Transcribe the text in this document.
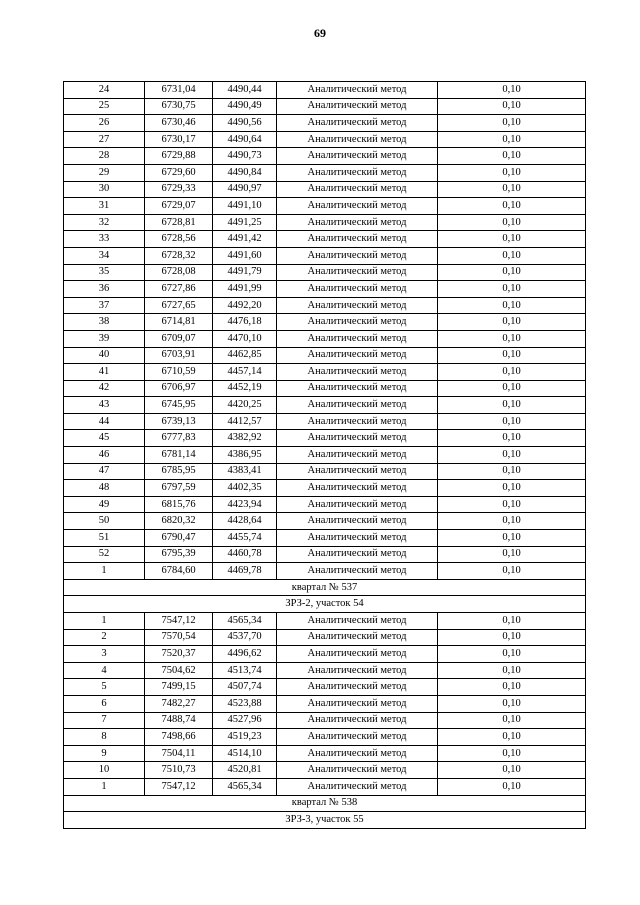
69
24	6731,04	4490,44	Аналитический метод	0,10
25	6730,75	4490,49	Аналитический метод	0,10
26	6730,46	4490,56	Аналитический метод	0,10
27	6730,17	4490,64	Аналитический метод	0,10
28	6729,88	4490,73	Аналитический метод	0,10
29	6729,60	4490,84	Аналитический метод	0,10
30	6729,33	4490,97	Аналитический метод	0,10
31	6729,07	4491,10	Аналитический метод	0,10
32	6728,81	4491,25	Аналитический метод	0,10
33	6728,56	4491,42	Аналитический метод	0,10
34	6728,32	4491,60	Аналитический метод	0,10
35	6728,08	4491,79	Аналитический метод	0,10
36	6727,86	4491,99	Аналитический метод	0,10
37	6727,65	4492,20	Аналитический метод	0,10
38	6714,81	4476,18	Аналитический метод	0,10
39	6709,07	4470,10	Аналитический метод	0,10
40	6703,91	4462,85	Аналитический метод	0,10
41	6710,59	4457,14	Аналитический метод	0,10
42	6706,97	4452,19	Аналитический метод	0,10
43	6745,95	4420,25	Аналитический метод	0,10
44	6739,13	4412,57	Аналитический метод	0,10
45	6777,83	4382,92	Аналитический метод	0,10
46	6781,14	4386,95	Аналитический метод	0,10
47	6785,95	4383,41	Аналитический метод	0,10
48	6797,59	4402,35	Аналитический метод	0,10
49	6815,76	4423,94	Аналитический метод	0,10
50	6820,32	4428,64	Аналитический метод	0,10
51	6790,47	4455,74	Аналитический метод	0,10
52	6795,39	4460,78	Аналитический метод	0,10
1	6784,60	4469,78	Аналитический метод	0,10
квартал № 537				
ЗРЗ-2, участок 54				
1	7547,12	4565,34	Аналитический метод	0,10
2	7570,54	4537,70	Аналитический метод	0,10
3	7520,37	4496,62	Аналитический метод	0,10
4	7504,62	4513,74	Аналитический метод	0,10
5	7499,15	4507,74	Аналитический метод	0,10
6	7482,27	4523,88	Аналитический метод	0,10
7	7488,74	4527,96	Аналитический метод	0,10
8	7498,66	4519,23	Аналитический метод	0,10
9	7504,11	4514,10	Аналитический метод	0,10
10	7510,73	4520,81	Аналитический метод	0,10
1	7547,12	4565,34	Аналитический метод	0,10
квартал № 538				
ЗРЗ-3, участок 55				
